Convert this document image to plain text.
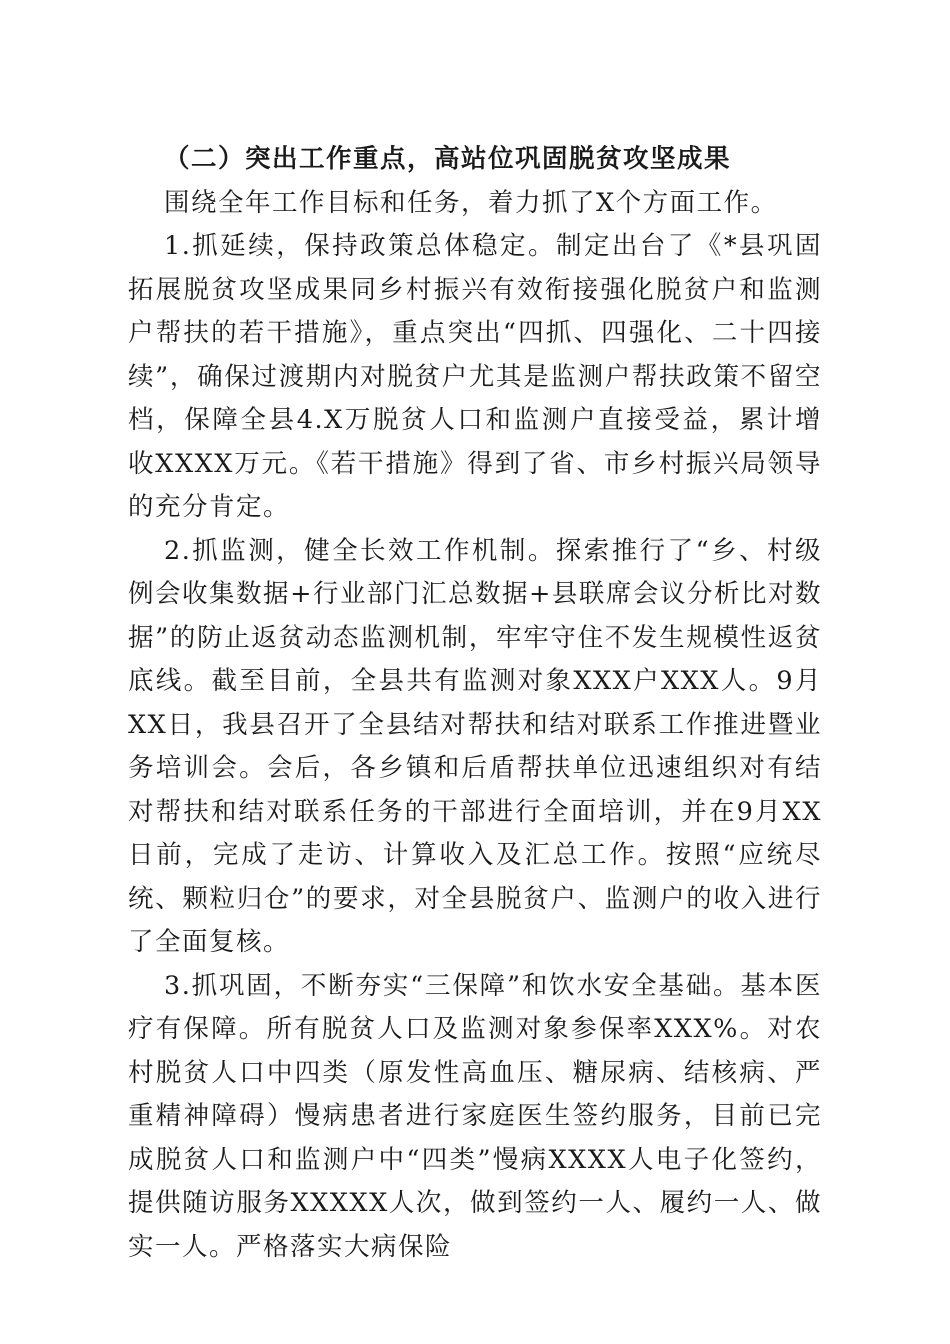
（二）突出工作重点，高站位巩固脱贫攻坚成果

围绕全年工作目标和任务，着力抓了X个方面工作。

1.抓延续，保持政策总体稳定。制定出台了《*县巩固拓展脱贫攻坚成果同乡村振兴有效衔接强化脱贫户和监测户帮扶的若干措施》，重点突出“四抓、四强化、二十四接续”，确保过渡期内对脱贫户尤其是监测户帮扶政策不留空档，保障全县4.X万脱贫人口和监测户直接受益，累计增收XXXX万元。《若干措施》得到了省、市乡村振兴局领导的充分肯定。

2.抓监测，健全长效工作机制。探索推行了“乡、村级例会收集数据+行业部门汇总数据+县联席会议分析比对数据”的防止返贫动态监测机制，牢牢守住不发生规模性返贫底线。截至目前，全县共有监测对象XXX户XXX人。9月XX日，我县召开了全县结对帮扶和结对联系工作推进暨业务培训会。会后，各乡镇和后盾帮扶单位迅速组织对有结对帮扶和结对联系任务的干部进行全面培训，并在9月XX日前，完成了走访、计算收入及汇总工作。按照“应统尽统、颗粒归仓”的要求，对全县脱贫户、监测户的收入进行了全面复核。

3.抓巩固，不断夯实“三保障”和饮水安全基础。基本医疗有保障。所有脱贫人口及监测对象参保率XXX%。对农村脱贫人口中四类（原发性高血压、糖尿病、结核病、严重精神障碍）慢病患者进行家庭医生签约服务，目前已完成脱贫人口和监测户中“四类”慢病XXXX人电子化签约，提供随访服务XXXXX人次，做到签约一人、履约一人、做实一人。严格落实大病保险
